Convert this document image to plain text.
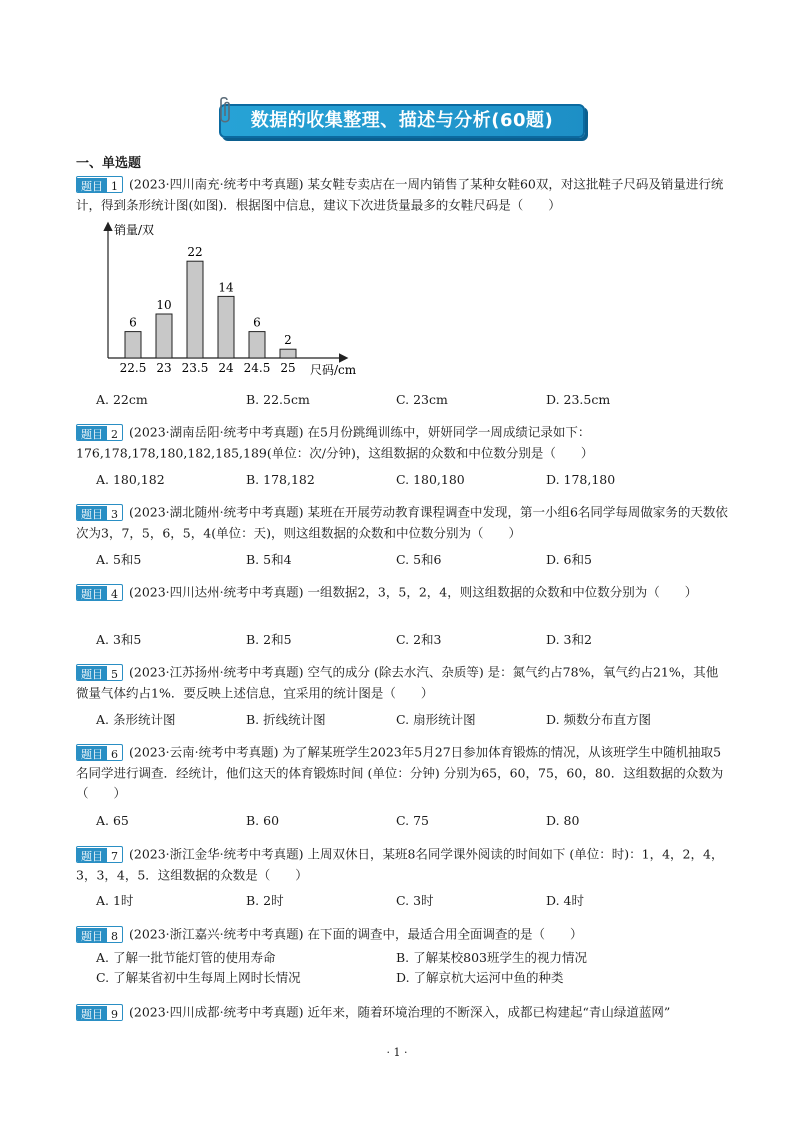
数据的收集整理、描述与分析(60题)
一、单选题
题目 1 (2023·四川南充·统考中考真题) 某女鞋专卖店在一周内销售了某种女鞋60双，对这批鞋子尺码及销量进行统计，得到条形统计图(如图)．根据图中信息，建议下次进货量最多的女鞋尺码是（　　）
销量/双
尺码/cm
6
22.5
10
23
22
23.5
14
24
6
24.5
2
25
A. 22cm	B. 22.5cm	C. 23cm	D. 23.5cm
题目 2 (2023·湖南岳阳·统考中考真题) 在5月份跳绳训练中，妍妍同学一周成绩记录如下：176,178,178,180,182,185,189(单位：次/分钟)，这组数据的众数和中位数分别是（　　）
A. 180,182	B. 178,182	C. 180,180	D. 178,180
题目 3 (2023·湖北随州·统考中考真题) 某班在开展劳动教育课程调查中发现，第一小组6名同学每周做家务的天数依次为3，7，5，6，5，4(单位：天)，则这组数据的众数和中位数分别为（　　）
A. 5和5	B. 5和4	C. 5和6	D. 6和5
题目 4 (2023·四川达州·统考中考真题) 一组数据2，3，5，2，4，则这组数据的众数和中位数分别为（　　）
A. 3和5	B. 2和5	C. 2和3	D. 3和2
题目 5 (2023·江苏扬州·统考中考真题) 空气的成分 (除去水汽、杂质等) 是：氮气约占78%，氧气约占21%，其他微量气体约占1%．要反映上述信息，宜采用的统计图是（　　）
A. 条形统计图	B. 折线统计图	C. 扇形统计图	D. 频数分布直方图
题目 6 (2023·云南·统考中考真题) 为了解某班学生2023年5月27日参加体育锻炼的情况，从该班学生中随机抽取5名同学进行调查．经统计，他们这天的体育锻炼时间 (单位：分钟) 分别为65，60，75，60，80．这组数据的众数为（　　）
A. 65	B. 60	C. 75	D. 80
题目 7 (2023·浙江金华·统考中考真题) 上周双休日，某班8名同学课外阅读的时间如下 (单位：时)：1，4，2，4，3，3，4，5．这组数据的众数是（　　）
A. 1时	B. 2时	C. 3时	D. 4时
题目 8 (2023·浙江嘉兴·统考中考真题) 在下面的调查中，最适合用全面调查的是（　　）
A. 了解一批节能灯管的使用寿命	B. 了解某校803班学生的视力情况
C. 了解某省初中生每周上网时长情况	D. 了解京杭大运河中鱼的种类
题目 9 (2023·四川成都·统考中考真题) 近年来，随着环境治理的不断深入，成都已构建起“青山绿道蓝网”
· 1 ·
